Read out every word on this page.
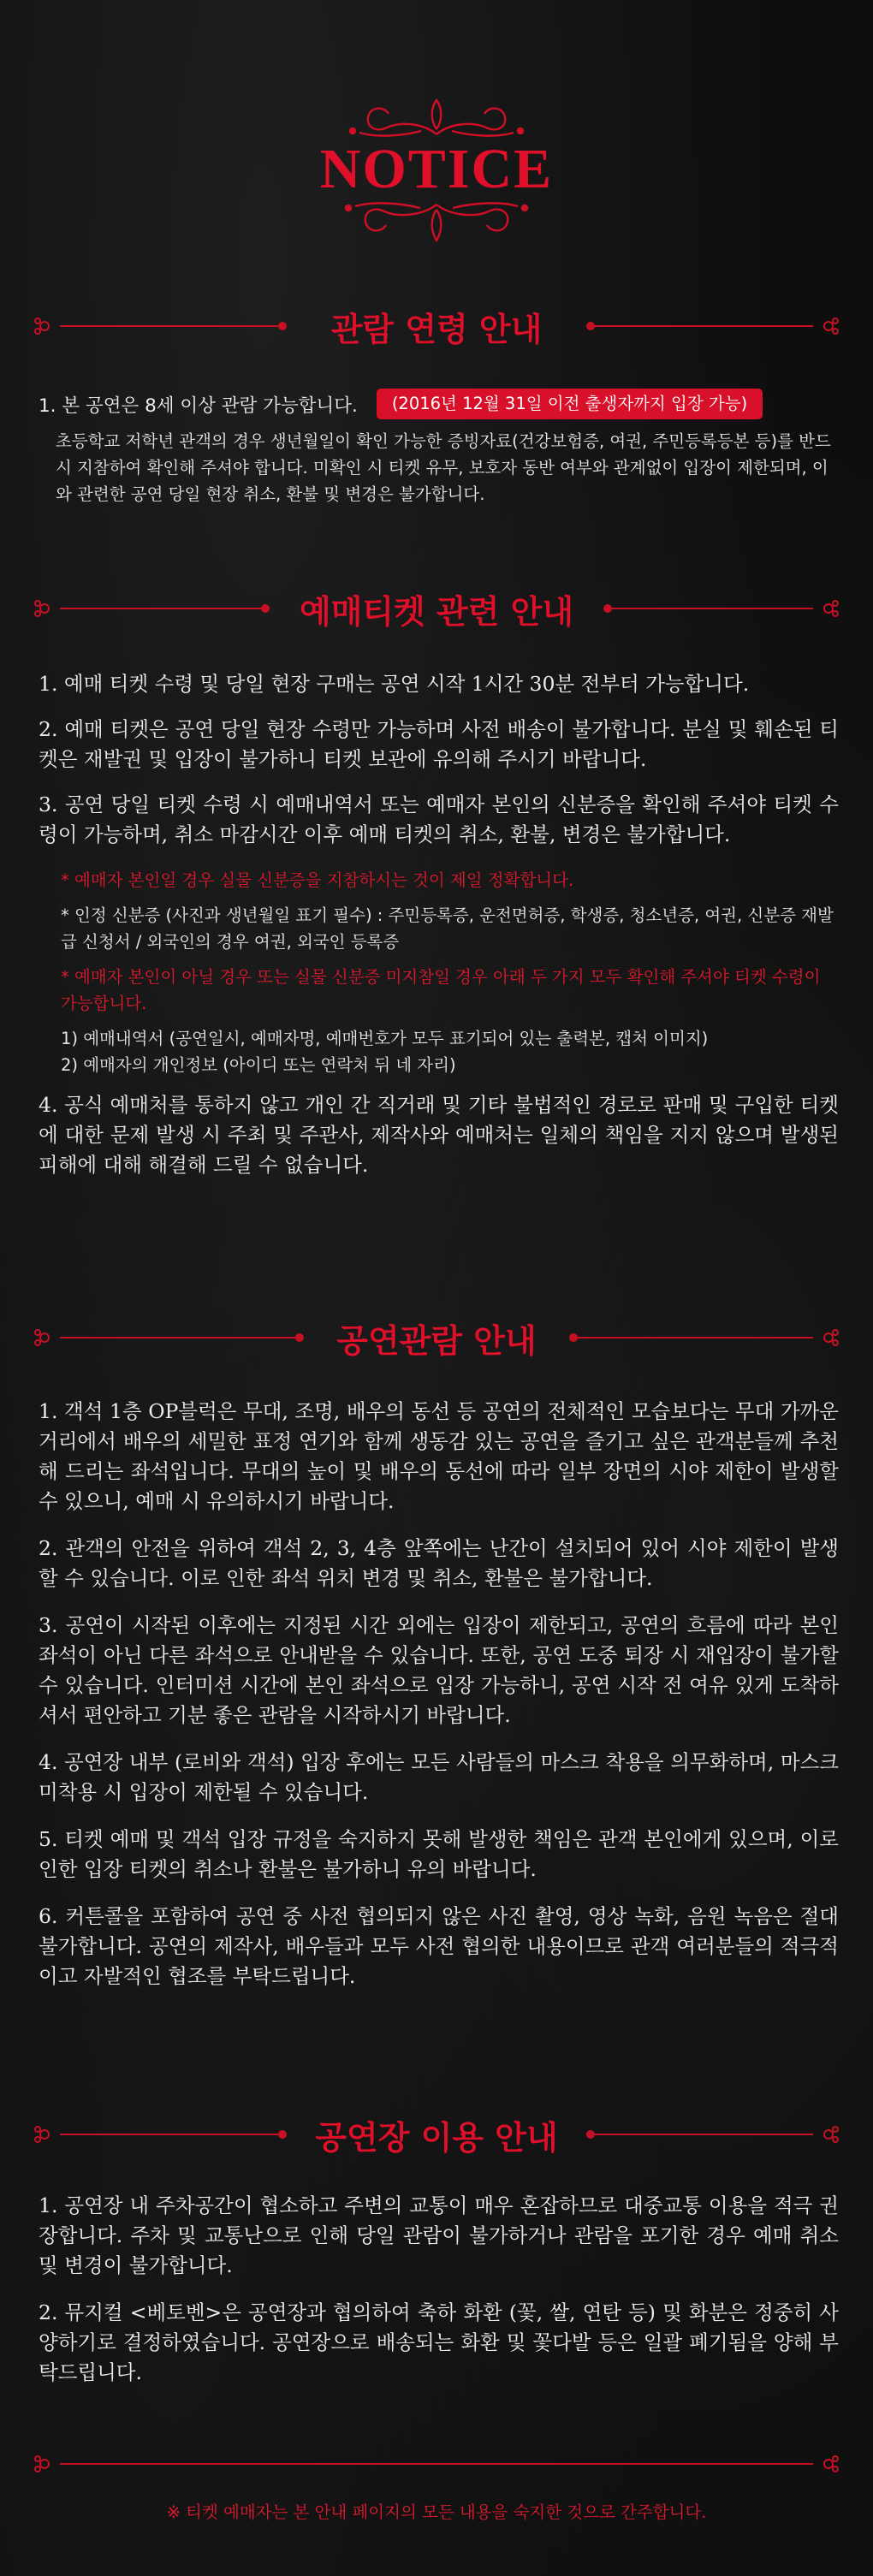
NOTICE
관람 연령 안내
1. 본 공연은 8세 이상 관람 가능합니다.	(2016년 12월 31일 이전 출생자까지 입장 가능)
초등학교 저학년 관객의 경우 생년월일이 확인 가능한 증빙자료(건강보험증, 여권, 주민등록등본 등)를 반드시 지참하여 확인해 주셔야 합니다. 미확인 시 티켓 유무, 보호자 동반 여부와 관계없이 입장이 제한되며, 이와 관련한 공연 당일 현장 취소, 환불 및 변경은 불가합니다.
예매티켓 관련 안내
1. 예매 티켓 수령 및 당일 현장 구매는 공연 시작 1시간 30분 전부터 가능합니다.
2. 예매 티켓은 공연 당일 현장 수령만 가능하며 사전 배송이 불가합니다. 분실 및 훼손된 티켓은 재발권 및 입장이 불가하니 티켓 보관에 유의해 주시기 바랍니다.
3. 공연 당일 티켓 수령 시 예매내역서 또는 예매자 본인의 신분증을 확인해 주셔야 티켓 수령이 가능하며, 취소 마감시간 이후 예매 티켓의 취소, 환불, 변경은 불가합니다.
* 예매자 본인일 경우 실물 신분증을 지참하시는 것이 제일 정확합니다.
* 인정 신분증 (사진과 생년월일 표기 필수) : 주민등록증, 운전면허증, 학생증, 청소년증, 여권, 신분증 재발급 신청서 / 외국인의 경우 여권, 외국인 등록증
* 예매자 본인이 아닐 경우 또는 실물 신분증 미지참일 경우 아래 두 가지 모두 확인해 주셔야 티켓 수령이 가능합니다.
1) 예매내역서 (공연일시, 예매자명, 예매번호가 모두 표기되어 있는 출력본, 캡처 이미지)
2) 예매자의 개인정보 (아이디 또는 연락처 뒤 네 자리)
4. 공식 예매처를 통하지 않고 개인 간 직거래 및 기타 불법적인 경로로 판매 및 구입한 티켓에 대한 문제 발생 시 주최 및 주관사, 제작사와 예매처는 일체의 책임을 지지 않으며 발생된 피해에 대해 해결해 드릴 수 없습니다.
공연관람 안내
1. 객석 1층 OP블럭은 무대, 조명, 배우의 동선 등 공연의 전체적인 모습보다는 무대 가까운 거리에서 배우의 세밀한 표정 연기와 함께 생동감 있는 공연을 즐기고 싶은 관객분들께 추천해 드리는 좌석입니다. 무대의 높이 및 배우의 동선에 따라 일부 장면의 시야 제한이 발생할 수 있으니, 예매 시 유의하시기 바랍니다.
2. 관객의 안전을 위하여 객석 2, 3, 4층 앞쪽에는 난간이 설치되어 있어 시야 제한이 발생할 수 있습니다. 이로 인한 좌석 위치 변경 및 취소, 환불은 불가합니다.
3. 공연이 시작된 이후에는 지정된 시간 외에는 입장이 제한되고, 공연의 흐름에 따라 본인 좌석이 아닌 다른 좌석으로 안내받을 수 있습니다. 또한, 공연 도중 퇴장 시 재입장이 불가할 수 있습니다. 인터미션 시간에 본인 좌석으로 입장 가능하니, 공연 시작 전 여유 있게 도착하셔서 편안하고 기분 좋은 관람을 시작하시기 바랍니다.
4. 공연장 내부 (로비와 객석) 입장 후에는 모든 사람들의 마스크 착용을 의무화하며, 마스크 미착용 시 입장이 제한될 수 있습니다.
5. 티켓 예매 및 객석 입장 규정을 숙지하지 못해 발생한 책임은 관객 본인에게 있으며, 이로 인한 입장 티켓의 취소나 환불은 불가하니 유의 바랍니다.
6. 커튼콜을 포함하여 공연 중 사전 협의되지 않은 사진 촬영, 영상 녹화, 음원 녹음은 절대 불가합니다. 공연의 제작사, 배우들과 모두 사전 협의한 내용이므로 관객 여러분들의 적극적이고 자발적인 협조를 부탁드립니다.
공연장 이용 안내
1. 공연장 내 주차공간이 협소하고 주변의 교통이 매우 혼잡하므로 대중교통 이용을 적극 권장합니다. 주차 및 교통난으로 인해 당일 관람이 불가하거나 관람을 포기한 경우 예매 취소 및 변경이 불가합니다.
2. 뮤지컬 <베토벤>은 공연장과 협의하여 축하 화환 (꽃, 쌀, 연탄 등) 및 화분은 정중히 사양하기로 결정하였습니다. 공연장으로 배송되는 화환 및 꽃다발 등은 일괄 폐기됨을 양해 부탁드립니다.
※ 티켓 예매자는 본 안내 페이지의 모든 내용을 숙지한 것으로 간주합니다.
